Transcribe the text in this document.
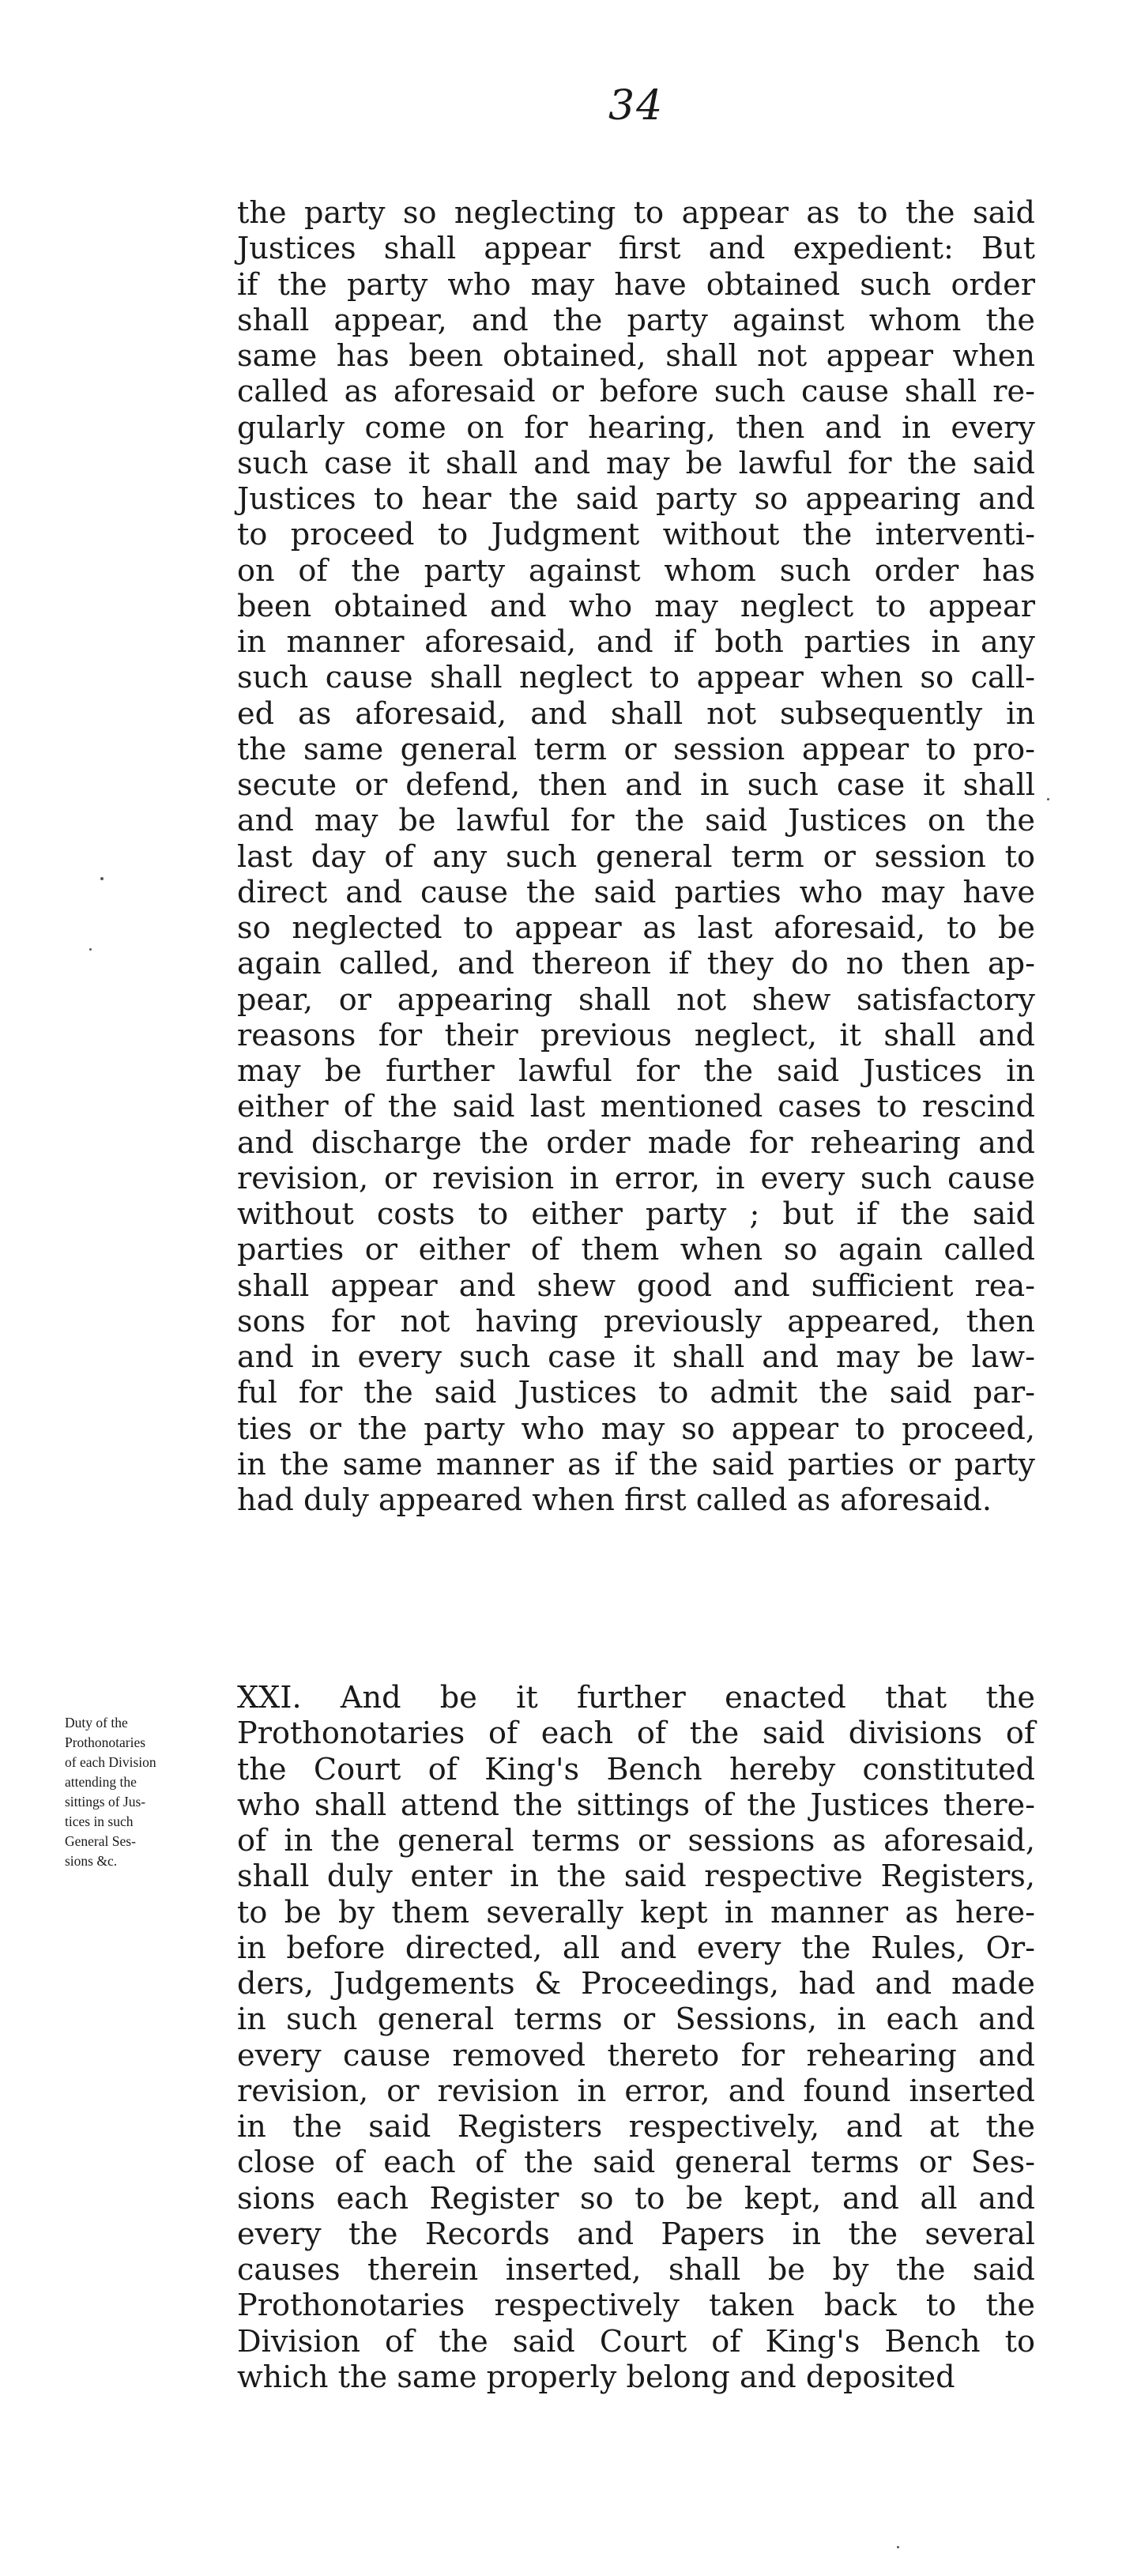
34
the party so neglecting to appear as to the said
Justices shall appear first and expedient: But
if the party who may have obtained such order
shall appear, and the party against whom the
same has been obtained, shall not appear when
called as aforesaid or before such cause shall re-
gularly come on for hearing, then and in every
such case it shall and may be lawful for the said
Justices to hear the said party so appearing and
to proceed to Judgment without the interventi-
on of the party against whom such order has
been obtained and who may neglect to appear
in manner aforesaid, and if both parties in any
such cause shall neglect to appear when so call-
ed as aforesaid, and shall not subsequently in
the same general term or session appear to pro-
secute or defend, then and in such case it shall
and may be lawful for the said Justices on the
last day of any such general term or session to
direct and cause the said parties who may have
so neglected to appear as last aforesaid, to be
again called, and thereon if they do no then ap-
pear, or appearing shall not shew satisfactory
reasons for their previous neglect, it shall and
may be further lawful for the said Justices in
either of the said last mentioned cases to rescind
and discharge the order made for rehearing and
revision, or revision in error, in every such cause
without costs to either party ; but if the said
parties or either of them when so again called
shall appear and shew good and sufficient rea-
sons for not having previously appeared, then
and in every such case it shall and may be law-
ful for the said Justices to admit the said par-
ties or the party who may so appear to proceed,
in the same manner as if the said parties or party
had duly appeared when first called as aforesaid.
Duty of the
Prothonotaries
of each Division
attending the
sittings of Jus-
tices in such
General Ses-
sions &c.
XXI. And be it further enacted that the
Prothonotaries of each of the said divisions of
the Court of King's Bench hereby constituted
who shall attend the sittings of the Justices there-
of in the general terms or sessions as aforesaid,
shall duly enter in the said respective Registers,
to be by them severally kept in manner as here-
in before directed, all and every the Rules, Or-
ders, Judgements & Proceedings, had and made
in such general terms or Sessions, in each and
every cause removed thereto for rehearing and
revision, or revision in error, and found inserted
in the said Registers respectively, and at the
close of each of the said general terms or Ses-
sions each Register so to be kept, and all and
every the Records and Papers in the several
causes therein inserted, shall be by the said
Prothonotaries respectively taken back to the
Division of the said Court of King's Bench to
which the same properly belong and deposited
